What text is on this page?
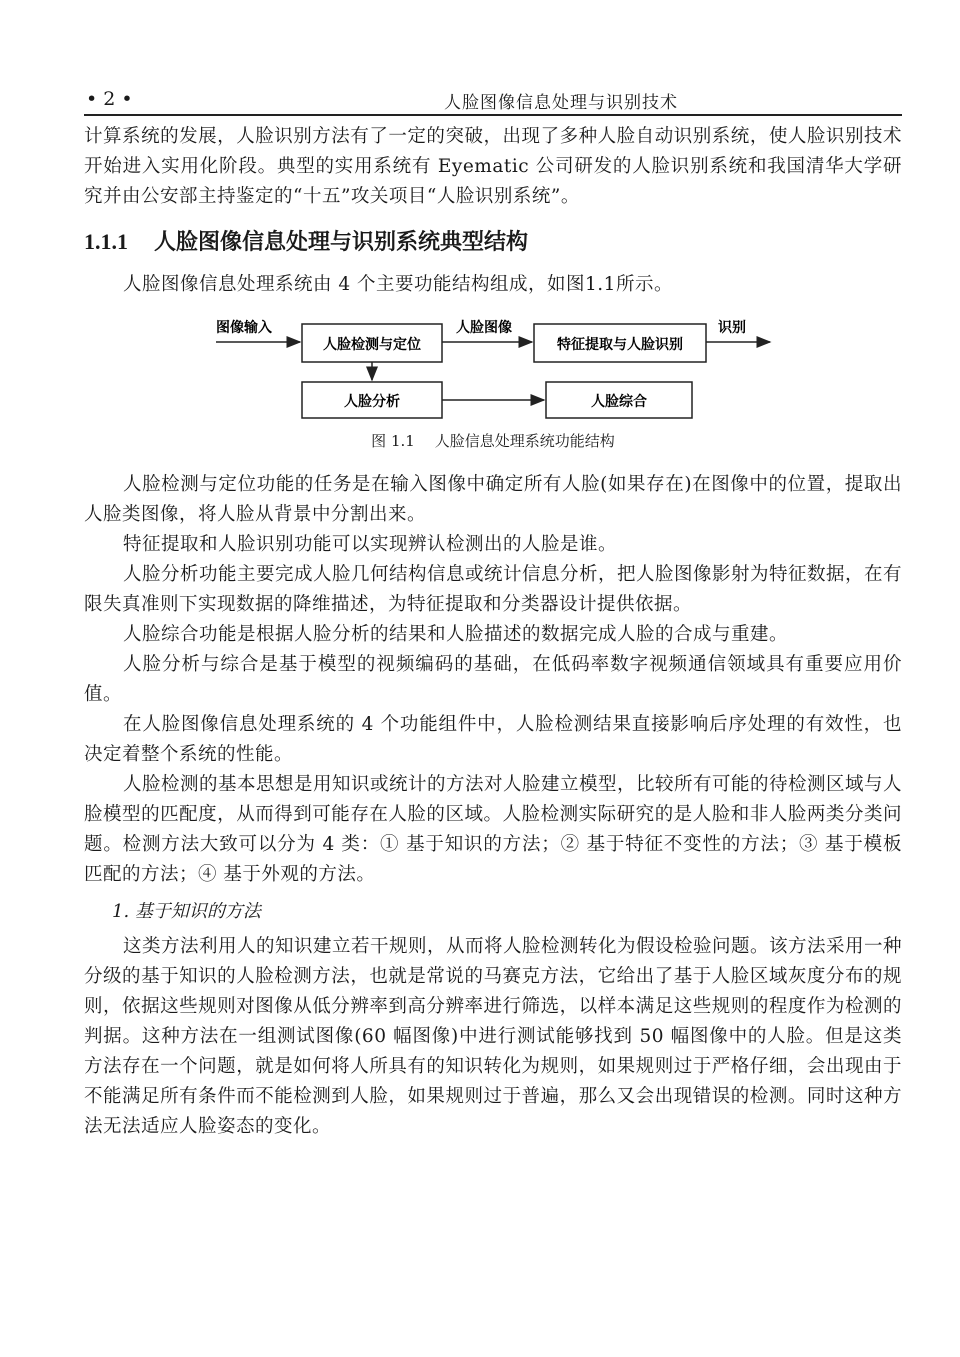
• 2 •	人脸图像信息处理与识别技术

计算系统的发展，人脸识别方法有了一定的突破，出现了多种人脸自动识别系统，使人脸识别技术开始进入实用化阶段。典型的实用系统有 Eyematic 公司研发的人脸识别系统和我国清华大学研究并由公安部主持鉴定的“十五”攻关项目“人脸识别系统”。

1.1.1 人脸图像信息处理与识别系统典型结构

人脸图像信息处理系统由 4 个主要功能结构组成，如图1.1所示。

图像输入
人脸检测与定位
人脸图像
特征提取与人脸识别
识别
人脸分析	人脸综合
图 1.1 人脸信息处理系统功能结构

人脸检测与定位功能的任务是在输入图像中确定所有人脸(如果存在)在图像中的位置，提取出人脸类图像，将人脸从背景中分割出来。

特征提取和人脸识别功能可以实现辨认检测出的人脸是谁。

人脸分析功能主要完成人脸几何结构信息或统计信息分析，把人脸图像影射为特征数据，在有限失真准则下实现数据的降维描述，为特征提取和分类器设计提供依据。

人脸综合功能是根据人脸分析的结果和人脸描述的数据完成人脸的合成与重建。

人脸分析与综合是基于模型的视频编码的基础，在低码率数字视频通信领域具有重要应用价值。

在人脸图像信息处理系统的 4 个功能组件中，人脸检测结果直接影响后序处理的有效性，也决定着整个系统的性能。

人脸检测的基本思想是用知识或统计的方法对人脸建立模型，比较所有可能的待检测区域与人脸模型的匹配度，从而得到可能存在人脸的区域。人脸检测实际研究的是人脸和非人脸两类分类问题。检测方法大致可以分为 4 类：① 基于知识的方法；② 基于特征不变性的方法；③ 基于模板匹配的方法；④ 基于外观的方法。

1. 基于知识的方法

这类方法利用人的知识建立若干规则，从而将人脸检测转化为假设检验问题。该方法采用一种分级的基于知识的人脸检测方法，也就是常说的马赛克方法，它给出了基于人脸区域灰度分布的规则，依据这些规则对图像从低分辨率到高分辨率进行筛选，以样本满足这些规则的程度作为检测的判据。这种方法在一组测试图像(60 幅图像)中进行测试能够找到 50 幅图像中的人脸。但是这类方法存在一个问题，就是如何将人所具有的知识转化为规则，如果规则过于严格仔细，会出现由于不能满足所有条件而不能检测到人脸，如果规则过于普遍，那么又会出现错误的检测。同时这种方法无法适应人脸姿态的变化。
